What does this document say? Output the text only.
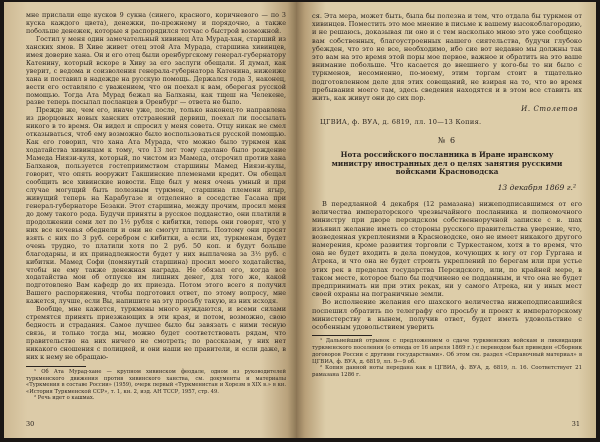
мне прислали еще кусков 9 сукна (синего, красного, коричневого — по 3 куска каждого цвета), денежки, по-прежнему и порядочно, а также побольше денежек, которые я распорядился тотчас о быстрой возможной.

Гостил у меня один замечательный хивинец Ата Мурад-хан, старший из ханских ямов. В Хиве живет отец этой Ата Мурада, старшина хивинцев, имея доверие хана. Он и его отец были оренбургскому генерал-губернатору Катенину, который вскоре в Хиву за его заслуги обещали. Я думал, как уверит, с ведома и соизволения генерала-губернатора Катенина, нижеиже хана и поставил в надежде на русскую помощь. Держался года 3, наконец, вести его оставляло с уважением, что он поехал к вам, оберегая русской помощью. Тогда Ата Мурад бежал на Балханы, как тщеш на Челекене, разве теперь посылал посланцев в Оренбург — ответа не было.

Прежде же, чем его, иначе уже, после, только наконец-то направлена из дворцовых новых ханских отстранений дервиш, поехал ли поссылать никого в то время. Он видел и спросил у меня совета. Отцу никак не смел отказываться, чтоб ему возможно было воспользоваться русской помощью. Как его говорил, что хана Ата Мурада, что можно было туркмен как ходатайства хивинцам к тому, что 13 лет тому сделано было рождение Мамеда Ниязи-куля, который, по чистом из Мамеда, отсрочил против хана Балханов, пользуется гостеприимством старшины Мамед Ниязи-кулы, говорит, что опять вооружит Гакшинские племенами кредит. Он обещал сообщить все хивинские новости. Еще был у меня очень умный и при случае могущий быть полезным туркмен, старшина племени ягыр, живущий теперь на Карабугазе и отделенно в соседстве Гасана при генерал-губернаторе Безаки. Этот старшина, между прочим, просил меня до дому такого рода. Будучи приняты в русское подданство, они платили в продолжении семи лет по 1½ рубля с кибитки, теперь они говорят, что у них все кочевья обеднели и они не смогут платить. Поэтому они просят взять с них по 3 руб. серебром с кибитки, а если их, туркменам, будет очень трудно, то платили хотя по 2 руб. 50 коп. и будут больше благодарны, и их принадлежности будет у них выплачена за 3½ руб. с кибитки. Мамед Софи (помянутый старшина) просил моего ходатайства, чтобы не ему также денежная награда. Не обязал его, когда все ходатайства мои об отпуске им лишних денег, для того же, какой подготовлено Вам кафедр до их приезда. Потом этого всего я получил Вашего распоряжения, чтобы подготовил ответ, по этому вопросу, мне кажется, лучше, если Вы, напишите на эту просьбу такую, из них исходя.

Вообще, мне кажется, туркмены много нуждаются, и всеми силами стремятся принять приезжающих в эти края, и потом, возможно, свою бедность и страдания. Самое лучшее было бы завязать с ними тесную связь, и только тогда мы, можно будет соответствовать рядам, что правительство на них ничего не смотреть; по рассказам, у них нет никакого сношения с полицией, и они наши не правители, и если даже, в них к нему не обращаю-

¹ Об Ата Мурад-хане — крупном хивинском феодале, одном из руководителей туркменского движения против хивинского ханства, см. документы и материалы «Туркмения в составе России» (1959), очерк первый «Туркменистан и Хорезм в XIX в.» в кн. «История Туркменской ССР», т. 1, кн. 2, изд. АН ТССР, 1957, стр. 49.

² Речь идет о кашмах.

30

ся. Эта мера, может быть, была бы полезна и тем, что отдала бы туркмен от хивинцев. Поместить это мое мнение в письме к вашему высокоблагородию, и не решаюсь, доказывая ли оно и с тем насколько мною это уже сообщено вам собственных, благоустроенных нашего сиятельства, будучи глубоко убежден, что это не все, необходимо, ибо сие вот недавно мы должны так это вам на это время этой поры мое первое, важное и обратить на это ваше внимание побольше. Что касается до внешнего у кого-бы то ни было с туркменов, несомненно, по-моему, этим торгам стоит в тщательно подготовленном деле для этих совещаний, не взирая на то, что во время пребывания моего там, здесь сведения находятся и в этом все ставить их жить, как живут они до сих пор.

И. Столетов
ЦГВИА, ф. ВУА, д. 6819, лл. 10—13 Копия.
№ 6
Нота российского посланника в Иране иранскому министру иностранных дел о целях занятия русскими войсками Красноводска
13 декабря 1869 г.²

В передланной 4 декабря (12 рамазана) нижеподписавшимся от его величества императорского чрезвычайного посланника и полномочного министру при дворе персидском собственноручной записке с в. шах изъявил желание иметь со стороны русского правительства уверение, что, возведенная укреплениями в Красноводске, оно не имеет никакого другого намерения, кроме развития торговли с Туркестаном, хотя в то время, что она не будет входить в дела помудов, кочующих к югу от гор Гургана и Атрека, и что она не будет строить укреплений по берегам или при устье этих рек в пределах государства Персидского, или, по крайней мере, в таком месте, которое было бы подчинено ее подданным, и что она не будет предпринимать ни при этих реках, ни у самого Атрека, ни у иных мест своей охраны на пограничные земли.

Во исполнение желания его шахского величества нижеподписавшийся поспешил обратить по телеграфу его просьбу и проект к императорскому министерству в нынем, получив ответ, будет иметь удовольствие с особенным удовольствием уверить

¹ Дальнейший отрывок с предложением о сдаче туркменских войскам и ликвидации туркменского поселения (о отвода от 16 апреля 1869 г.) с переводом был приведен «Сборник договоров России с другими государствами». Об этом см. раздел «Справочный материал» в ЦГВИА, ф. ВУА, д. 6819, лл. 9—9 об.

² Копия данной ноты передана как в ЦГВИА, ф. ВУА, д. 6819, л. 16. Соответствует 21 рамазана 1286 г.

31
